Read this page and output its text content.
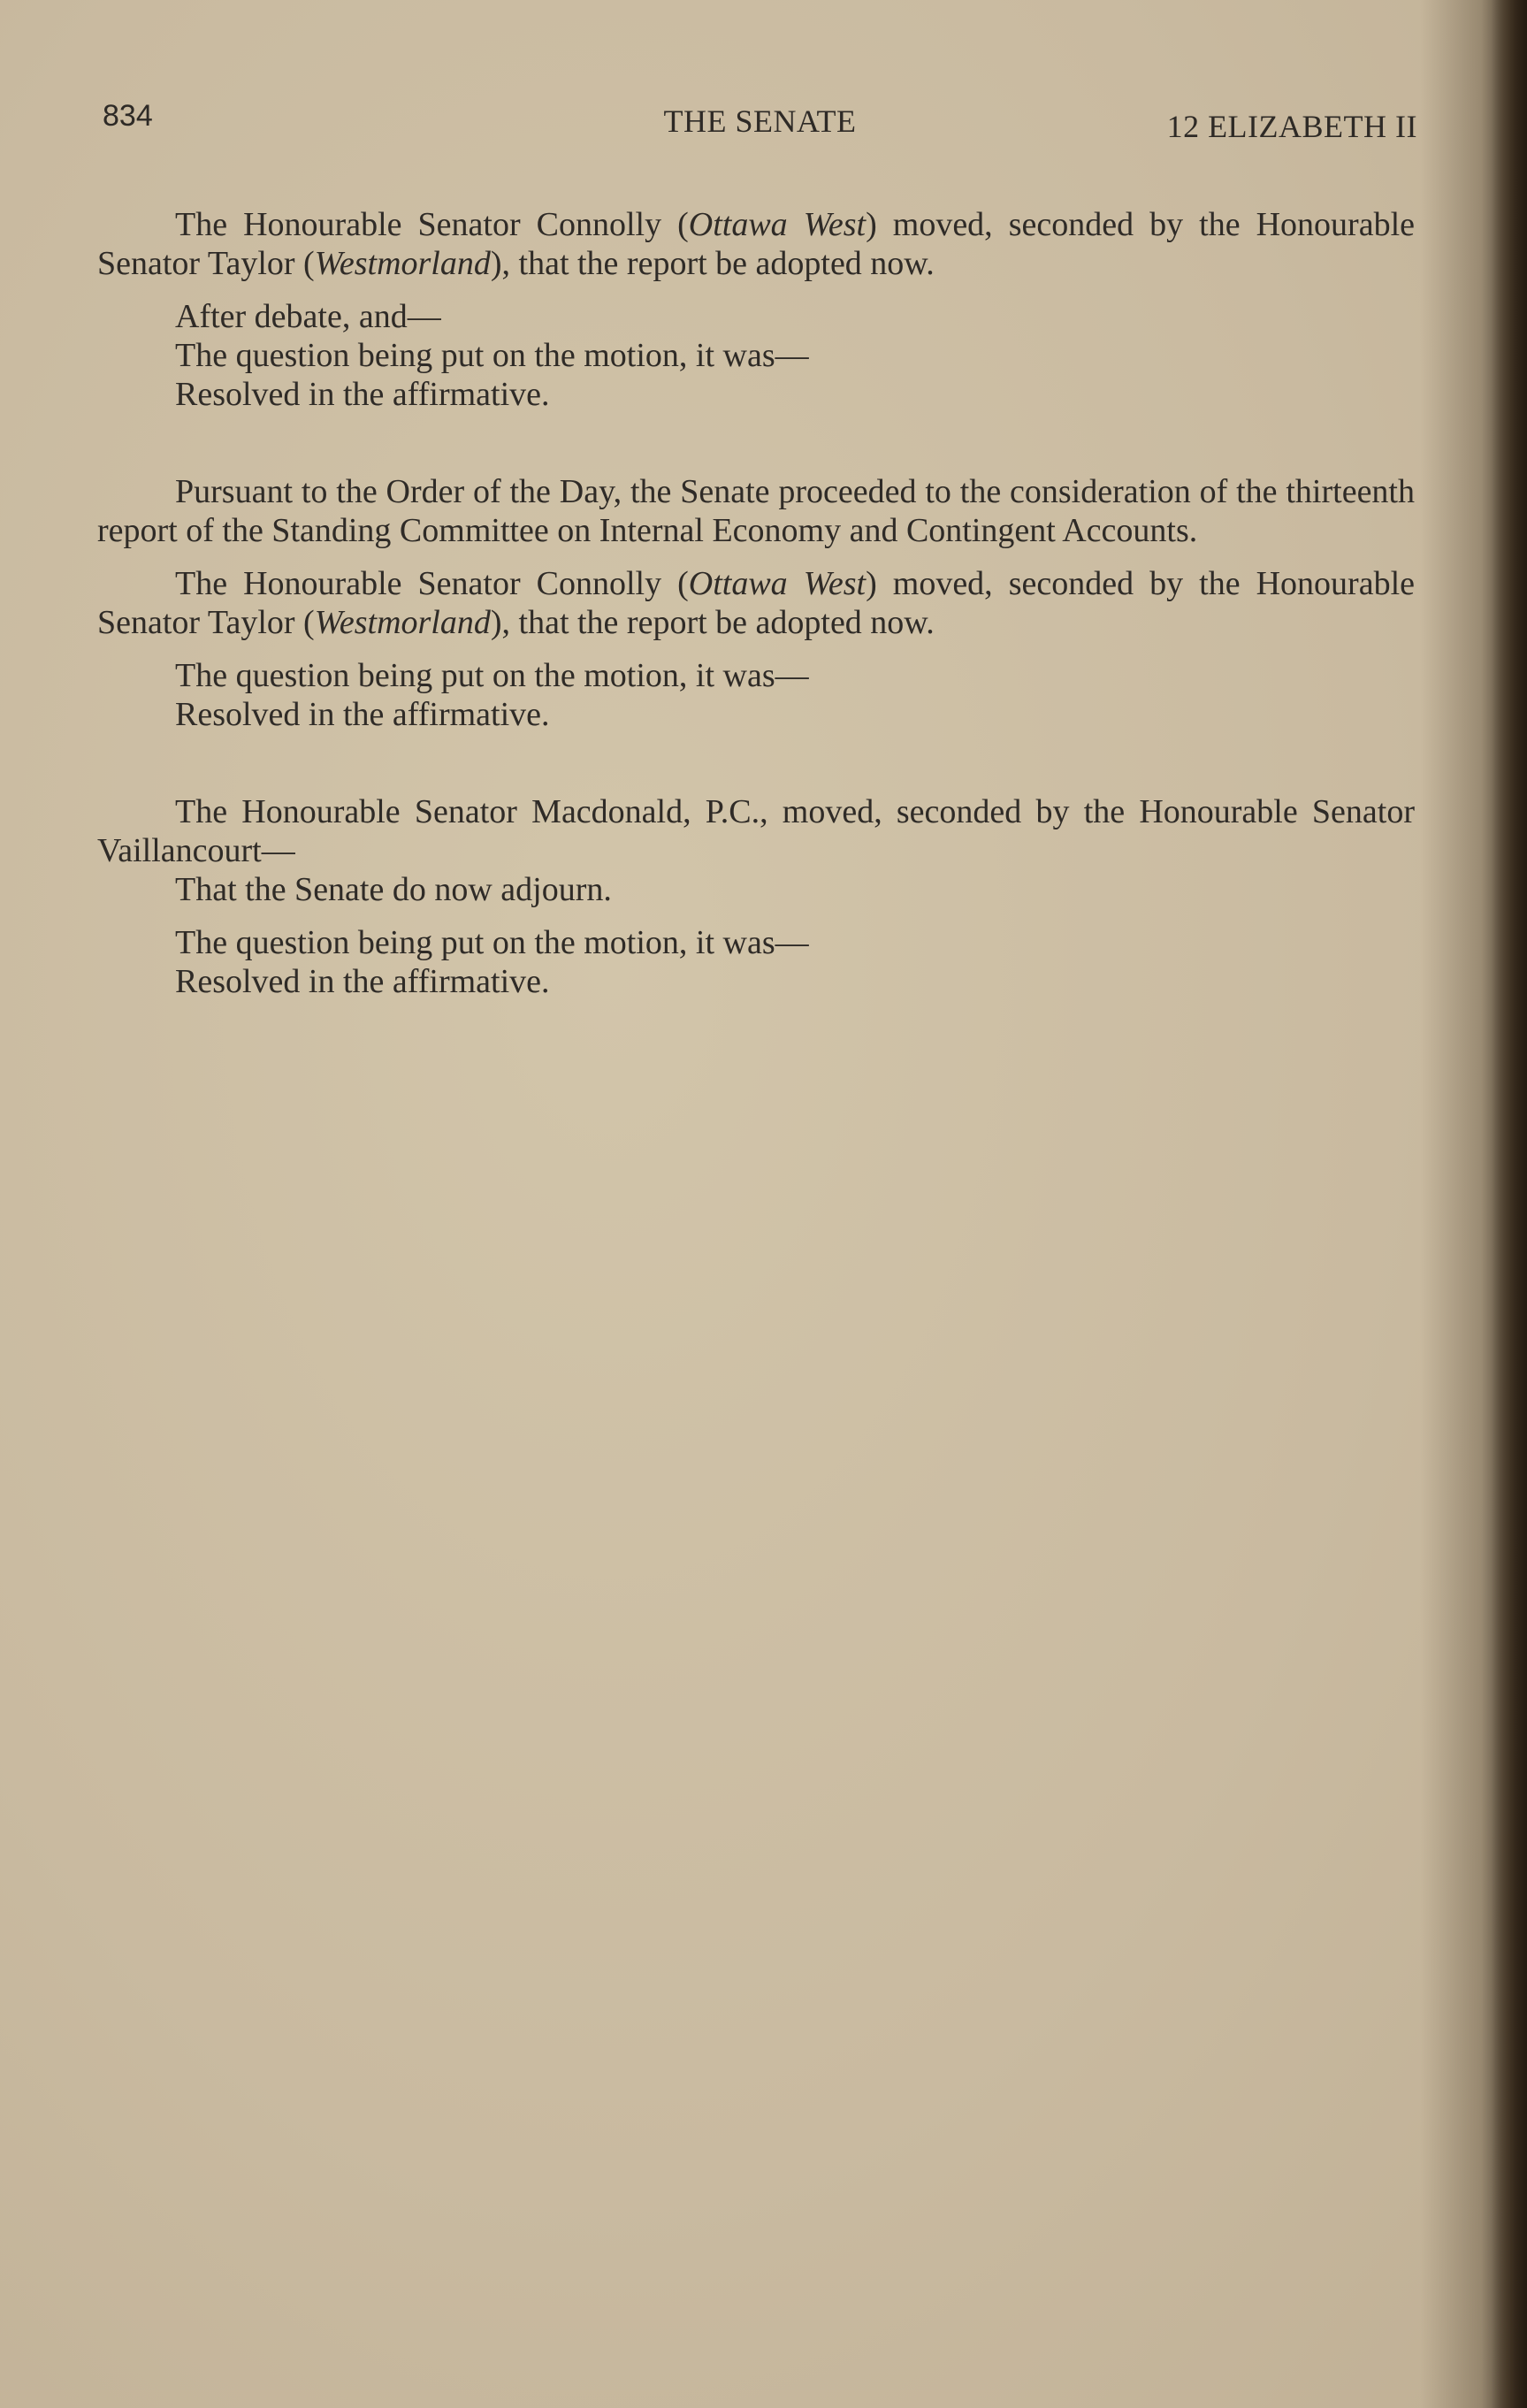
834	THE SENATE	12 ELIZABETH II

The Honourable Senator Connolly (Ottawa West) moved, seconded by the Honourable Senator Taylor (Westmorland), that the report be adopted now.

After debate, and—

The question being put on the motion, it was—

Resolved in the affirmative.

Pursuant to the Order of the Day, the Senate proceeded to the consideration of the thirteenth report of the Standing Committee on Internal Economy and Contingent Accounts.

The Honourable Senator Connolly (Ottawa West) moved, seconded by the Honourable Senator Taylor (Westmorland), that the report be adopted now.

The question being put on the motion, it was—

Resolved in the affirmative.

The Honourable Senator Macdonald, P.C., moved, seconded by the Honourable Senator Vaillancourt—

That the Senate do now adjourn.

The question being put on the motion, it was—

Resolved in the affirmative.
